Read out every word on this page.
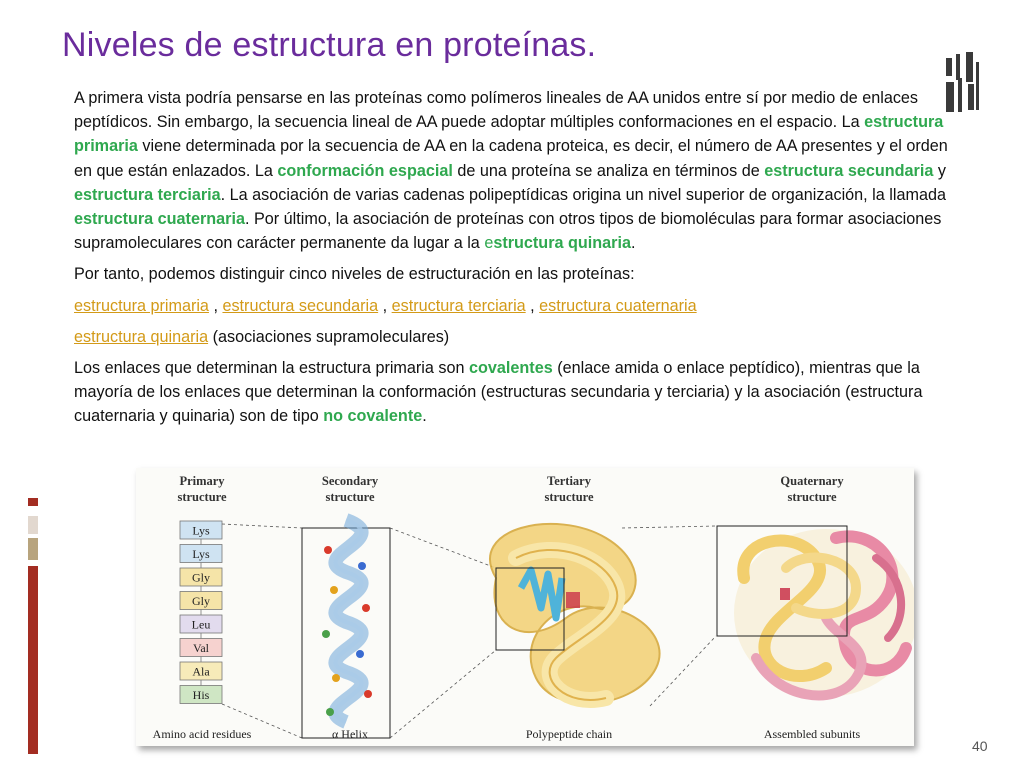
Niveles de estructura en proteínas.

A primera vista podría pensarse en las proteínas como polímeros lineales de AA unidos entre sí por medio de enlaces peptídicos. Sin embargo, la secuencia lineal de AA puede adoptar múltiples conformaciones en el espacio. La estructura primaria viene determinada por la secuencia de AA en la cadena proteica, es decir, el número de AA presentes y el orden en que están enlazados. La conformación espacial de una proteína se analiza en términos de estructura secundaria y estructura terciaria. La asociación de varias cadenas polipeptídicas origina un nivel superior de organización, la llamada estructura cuaternaria. Por último, la asociación de proteínas con otros tipos de biomoléculas para formar asociaciones supramoleculares con carácter permanente da lugar a la estructura quinaria.

Por tanto, podemos distinguir cinco niveles de estructuración en las proteínas:

estructura primaria , estructura secundaria , estructura terciaria , estructura cuaternaria

estructura quinaria (asociaciones supramoleculares)

Los enlaces que determinan la estructura primaria son covalentes (enlace amida o enlace peptídico), mientras que la mayoría de los enlaces que determinan la conformación (estructuras secundaria y terciaria) y la asociación (estructura cuaternaria y quinaria) son de tipo no covalente.

Primary
structure
Secondary
structure
Tertiary
structure
Quaternary
structure
Lys
Lys
Gly
Gly
Leu
Val
Ala
His
Amino acid residues	α Helix	Polypeptide chain	Assembled subunits
40
